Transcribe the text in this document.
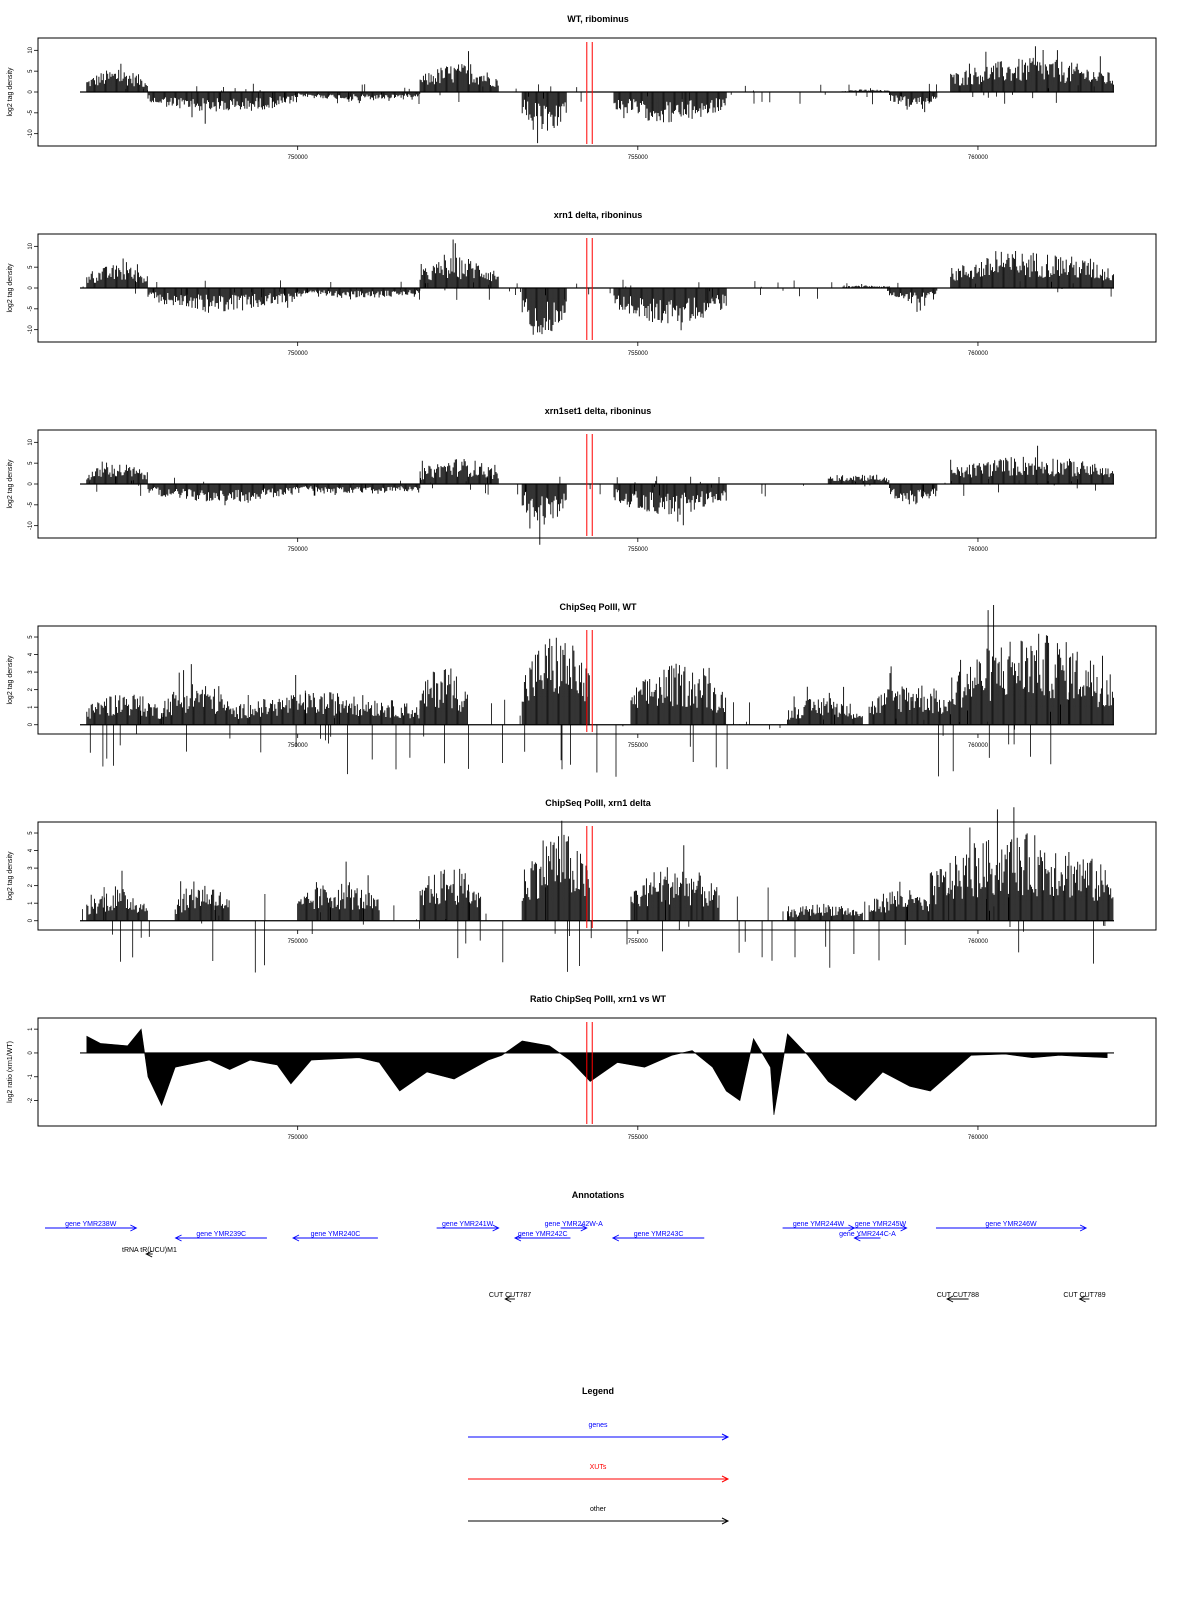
WT, ribominus
log2 tag density
-10
-5
0
5
10
750000	755000	760000
xrn1 delta, riboninus
log2 tag density
-10
-5
0
5
10
750000	755000	760000
xrn1set1 delta, riboninus
log2 tag density
-10
-5
0
5
10
750000	755000	760000
ChipSeq PolII, WT
log2 tag density
0
1
2
3
4
5
750000	755000	760000
ChipSeq PolII, xrn1 delta
log2 tag density
0
1
2
3
4
5
750000	755000	760000
Ratio ChipSeq PolII, xrn1 vs WT
log2 ratio (xrn1/WT) -2
-1
0
1
750000	755000	760000
Annotations
gene YMR238W
gene YMR239C	gene YMR240C
gene YMR241W	gene YMR242W-A
gene YMR242C	gene YMR243C
gene YMR244W gene YMR245W
gene YMR244C-A
gene YMR246W
tRNA tR(UCU)M1
CUT CUT787	CUT CUT788	CUT CUT789
Legend
genes
XUTs
other
